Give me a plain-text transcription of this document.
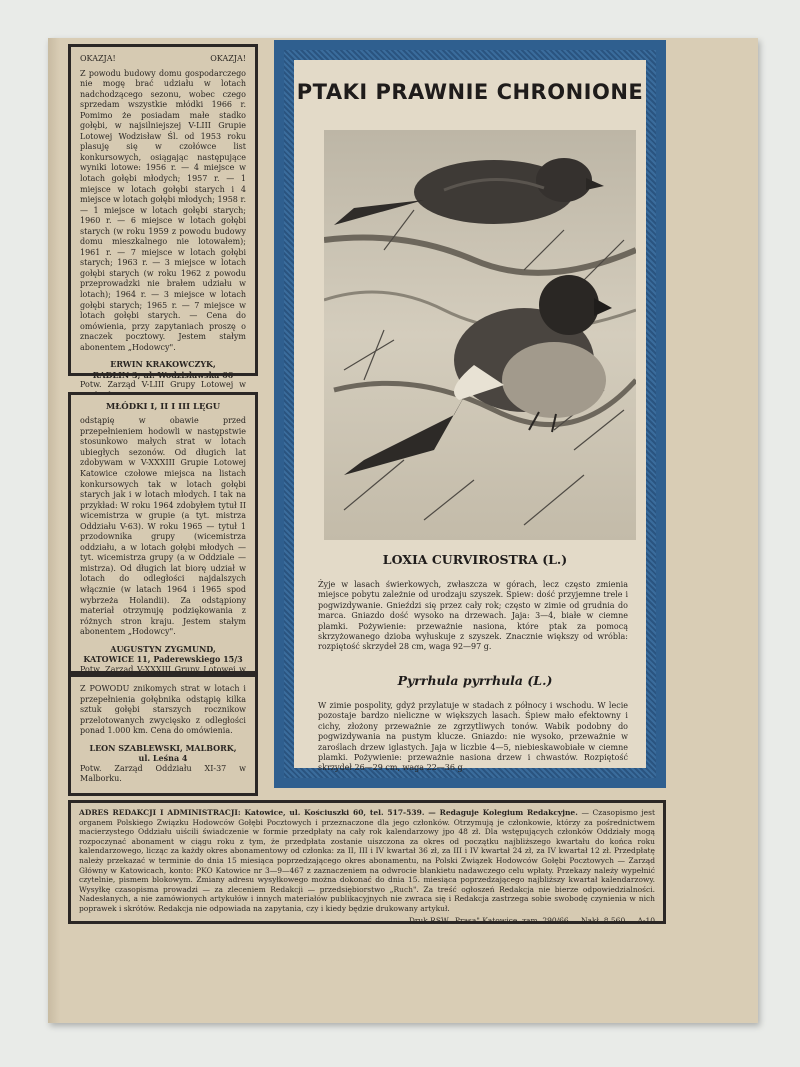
OKAZJA!	OKAZJA!

Z powodu budowy domu gospodarczego nie mogę brać udziału w lotach nadchodzącego sezonu, wobec czego sprzedam wszystkie młódki 1966 r. Pomimo że posiadam małe stadko gołębi, w najsilniejszej V-LIII Grupie Lotowej Wodzisław Śl. od 1953 roku plasuję się w czołówce list konkursowych, osiągając następujące wyniki lotowe: 1956 r. — 4 miejsce w lotach gołębi młodych; 1957 r. — 1 miejsce w lotach gołębi starych i 4 miejsce w lotach gołębi młodych; 1958 r. — 1 miejsce w lotach gołębi starych; 1960 r. — 6 miejsce w lotach gołębi starych (w roku 1959 z powodu budowy domu mieszkalnego nie lotowałem); 1961 r. — 7 miejsce w lotach gołębi starych; 1963 r. — 3 miejsce w lotach gołębi starych (w roku 1962 z powodu przeprowadzki nie brałem udziału w lotach); 1964 r. — 3 miejsce w lotach gołębi starych; 1965 r. — 7 miejsce w lotach gołębi starych. — Cena do omówienia, przy zapytaniach proszę o znaczek pocztowy. Jestem stałym abonentem „Hodowcy".

ERWIN KRAKOWCZYK,
RADLIN 3, ul. Wodzisławska 66

Potw. Zarząd V-LIII Grupy Lotowej w

MŁÓDKI I, II I III LĘGU

odstąpię w obawie przed przepełnieniem hodowli w następstwie stosunkowo małych strat w lotach ubiegłych sezonów. Od długich lat zdobywam w V-XXXIII Grupie Lotowej Katowice czołowe miejsca na listach konkursowych tak w lotach gołębi starych jak i w lotach młodych. I tak na przykład: W roku 1964 zdobyłem tytuł II wicemistrza w grupie (a tyt. mistrza Oddziału V-63). W roku 1965 — tytuł 1 przodownika grupy (wicemistrza oddziału, a w lotach gołębi młodych — tyt. wicemistrza grupy (a w Oddziale — mistrza). Od długich lat biorę udział w lotach do odległości najdalszych włącznie (w latach 1964 i 1965 spod wybrzeża Holandii). Za odstąpiony materiał otrzymuję podziękowania z różnych stron kraju. Jestem stałym abonentem „Hodowcy".

AUGUSTYN ZYGMUND,
KATOWICE 11, Paderewskiego 15/3

Potw. Zarząd V-XXXIII Grupy Lotowej w

Z POWODU znikomych strat w lotach i przepełnienia gołębnika odstąpię kilka sztuk gołębi starszych rocznikow przelotowanych zwycięsko z odległości ponad 1.000 km. Cena do omówienia.

LEON SZABLEWSKI, MALBORK,
ul. Leśna 4

Potw. Zarząd Oddziału XI-37 w Malborku.

PTAKI PRAWNIE CHRONIONE
LOXIA CURVIROSTRA (L.)

Żyje w lasach świerkowych, zwłaszcza w górach, lecz często zmienia miejsce pobytu zależnie od urodzaju szyszek. Śpiew: dość przyjemne trele i pogwizdywanie. Gnieździ się przez cały rok; często w zimie od grudnia do marca. Gniazdo dość wysoko na drzewach. Jaja: 3—4, białe w ciemne plamki. Pożywienie: przeważnie nasiona, które ptak za pomocą skrzyżowanego dzioba wyłuskuje z szyszek. Znacznie większy od wróbla: rozpiętość skrzydeł 28 cm, waga 92—97 g.

Pyrrhula pyrrhula (L.)

W zimie pospolity, gdyż przylatuje w stadach z północy i wschodu. W lecie pozostaje bardzo nieliczne w większych lasach. Śpiew mało efektowny i cichy, złożony przeważnie ze zgrzytliwych tonów. Wabik podobny do pogwizdywania na pustym klucze. Gniazdo: nie wysoko, przeważnie w zaroślach drzew iglastych. Jaja w liczbie 4—5, niebieskawobiałe w ciemne plamki. Pożywienie: przeważnie nasiona drzew i chwastów. Rozpiętość skrzydeł 26—29 cm, waga 22—36 g.

ADRES REDAKCJI I ADMINISTRACJI: Katowice, ul. Kościuszki 60, tel. 517-539. — Redaguje Kolegium Redakcyjne. — Czasopismo jest organem Polskiego Związku Hodowców Gołębi Pocztowych i przeznaczone dla jego członków. Otrzymują je członkowie, którzy za pośrednictwem macierzystego Oddziału uiścili świadczenie w formie przedpłaty na cały rok kalendarzowy jpo 48 zł. Dla wstępujących członków Oddziały mogą rozpoczynać abonament w ciągu roku z tym, że przedpłata zostanie uiszczona za okres od początku najbliższego kwartału do końca roku kalendarzowego, licząc za każdy okres abonamentowy od członka: za II, III i IV kwartał 36 zł, za III i IV kwartał 24 zł, za IV kwartał 12 zł. Przedpłatę należy przekazać w terminie do dnia 15 miesiąca poprzedzającego okres abonamentu, na Polski Związek Hodowców Gołębi Pocztowych — Zarząd Główny w Katowicach, konto: PKO Katowice nr 3—9—467 z zaznaczeniem na odwrocie blankietu nadawczego celu wpłaty. Przekazy należy wypełnić czytelnie, pismem blokowym. Zmiany adresu wysyłkowego można dokonać do dnia 15. miesiąca poprzedzającego najbliższy kwartał kalendarzowy. Wysyłkę czasopisma prowadzi — za zleceniem Redakcji — przedsiębiorstwo „Ruch". Za treść ogłoszeń Redakcja nie bierze odpowiedzialności. Nadesłanych, a nie zamówionych artykułów i innych materiałów publikacyjnych nie zwraca się i Redakcja zastrzega sobie swobodę czynienia w nich poprawek i skrótów. Redakcja nie odpowiada na zapytania, czy i kiedy będzie drukowany artykuł.
Druk RSW „Prasa" Katowice, zam. 290/66 — Nakł. 8.560 — A-10
